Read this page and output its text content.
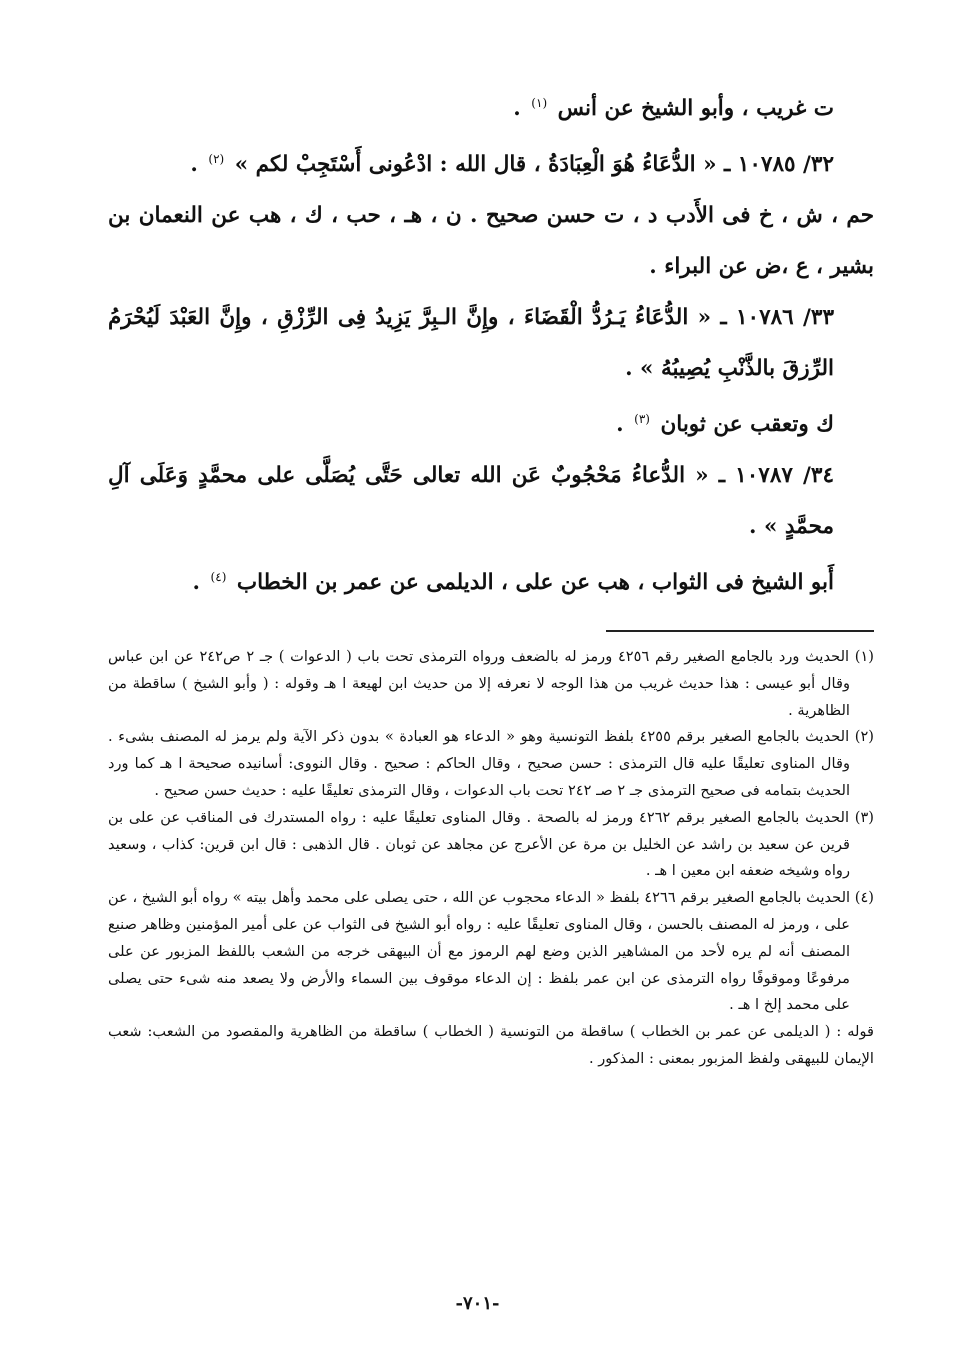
ت غريب ، وأبو الشيخ عن أنس $^{(١)}$ .

٣٢/ ١٠٧٨٥ ـ « الدُّعَاءُ هُوَ الْعِبَادَةُ ، قال الله : ادْعُونى أَسْتَجِبْ لكم » $^{(٢)}$ .

حم ، ش ، خ فى الأَدب د ، ت حسن صحيح . ن ، هـ ، حب ، ك ، هب عن النعمان بن بشير ، ع ،ض عن البراء .

٣٣/ ١٠٧٨٦ ـ « الدُّعَاءُ يَـرُدُّ الْقَضَاءَ ، وإِنَّ الـبِرَّ يَزِيدُ فِى الرِّزْقِ ، وإِنَّ العَبْدَ لَيُحْرَمُ الرِّزقَ بالذَّنْبِ يُصِيبُهُ » .

ك وتعقب عن ثوبان $^{(٣)}$ .

٣٤/ ١٠٧٨٧ ـ « الدُّعاءُ مَحْجُوبٌ عَن الله تعالى حَتَّى يُصَلَّى على محمَّدٍ وَعَلَى آلِ محمَّدٍ » .

أَبو الشيخ فى الثواب ، هب عن على ، الديلمى عن عمر بن الخطاب $^{(٤)}$ .

(١) الحديث ورد بالجامع الصغير رقم ٤٢٥٦ ورمز له بالضعف ورواه الترمذى تحت باب ( الدعوات ) جـ ٢ ص٢٤٢ عن ابن عباس وقال أبو عيسى : هذا حديث غريب من هذا الوجه لا نعرفه إلا من حديث ابن لهيعة ا هـ وقوله : ( وأبو الشيخ ) ساقطة من الظاهرية .

(٢) الحديث بالجامع الصغير برقم ٤٢٥٥ بلفظ التونسية وهو « الدعاء هو العبادة » بدون ذكر الآية ولم يرمز له المصنف بشىء . وقال المناوى تعليقًا عليه قال الترمذى : حسن صحيح ، وقال الحاكم : صحيح . وقال النووى: أسانيده صحيحة ا هـ كما ورد الحديث بتمامه فى صحيح الترمذى جـ ٢ صـ ٢٤٢ تحت باب الدعوات ، وقال الترمذى تعليقًا عليه : حديث حسن صحيح .

(٣) الحديث بالجامع الصغير برقم ٤٢٦٢ ورمز له بالصحة . وقال المناوى تعليقًا عليه : رواه المستدرك فى المناقب عن على بن قرين عن سعيد بن راشد عن الخليل بن مرة عن الأعرج عن مجاهد عن ثوبان . قال الذهبى : قال ابن قرين: كذاب ، وسعيد رواه وشيخه ضعفه ابن معين ا هـ .

(٤) الحديث بالجامع الصغير برقم ٤٢٦٦ بلفظ « الدعاء محجوب عن الله ، حتى يصلى على محمد وأهل بيته » رواه أبو الشيخ ، عن على ، ورمز له المصنف بالحسن ، وقال المناوى تعليقًا عليه : رواه أبو الشيخ فى الثواب عن على أمير المؤمنين وظاهر صنيع المصنف أنه لم يره لأحد من المشاهير الذين وضع لهم الرموز مع أن البيهقى خرجه من الشعب باللفظ المزبور عن على مرفوعًا وموقوفًا رواه الترمذى عن ابن عمر بلفظ : إن الدعاء موقوف بين السماء والأرض ولا يصعد منه شىء حتى يصلى على محمد إلخ ا هـ .

قوله : ( الديلمى عن عمر بن الخطاب ) ساقطة من التونسية ( الخطاب ) ساقطة من الظاهرية والمقصود من الشعب: شعب الإيمان للبيهقى ولفظ المزبور بمعنى : المذكور .

-٧٠١-
